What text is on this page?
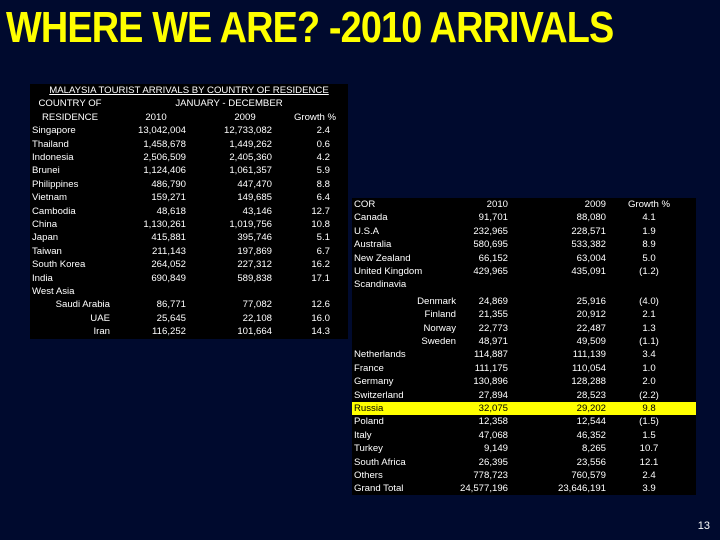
WHERE WE ARE? -2010 ARRIVALS
MALAYSIA TOURIST ARRIVALS BY COUNTRY OF RESIDENCE
COUNTRY OF	JANUARY - DECEMBER
RESIDENCE	2010	2009	Growth %
Singapore	13,042,004	12,733,082	2.4
Thailand	1,458,678	1,449,262	0.6
Indonesia	2,506,509	2,405,360	4.2
Brunei	1,124,406	1,061,357	5.9
Philippines	486,790	447,470	8.8
Vietnam	159,271	149,685	6.4
Cambodia	48,618	43,146	12.7
China	1,130,261	1,019,756	10.8
Japan	415,881	395,746	5.1
Taiwan	211,143	197,869	6.7
South Korea	264,052	227,312	16.2
India	690,849	589,838	17.1
West Asia
Saudi Arabia	86,771	77,082	12.6
UAE	25,645	22,108	16.0
Iran	116,252	101,664	14.3
COR	2010	2009	Growth %
Canada	91,701	88,080	4.1
U.S.A	232,965	228,571	1.9
Australia	580,695	533,382	8.9
New Zealand	66,152	63,004	5.0
United Kingdom	429,965	435,091	(1.2)
Scandinavia
Denmark	24,869	25,916	(4.0)
Finland	21,355	20,912	2.1
Norway	22,773	22,487	1.3
Sweden	48,971	49,509	(1.1)
Netherlands	114,887	111,139	3.4
France	111,175	110,054	1.0
Germany	130,896	128,288	2.0
Switzerland	27,894	28,523	(2.2)
Russia	32,075	29,202	9.8
Poland	12,358	12,544	(1.5)
Italy	47,068	46,352	1.5
Turkey	9,149	8,265	10.7
South Africa	26,395	23,556	12.1
Others	778,723	760,579	2.4
Grand Total	24,577,196	23,646,191	3.9
13
